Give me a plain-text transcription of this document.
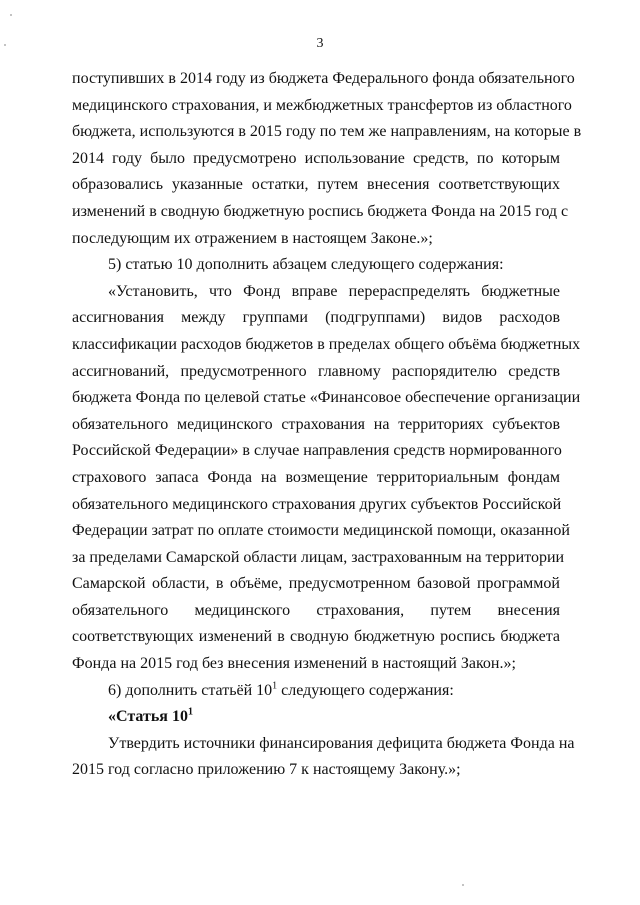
3
поступивших в 2014 году из бюджета Федерального фонда обязательного
медицинского страхования, и межбюджетных трансфертов из областного
бюджета, используются в 2015 году по тем же направлениям, на которые в
2014 году было предусмотрено использование средств, по которым
образовались указанные остатки, путем внесения соответствующих
изменений в сводную бюджетную роспись бюджета Фонда на 2015 год с
последующим их отражением в настоящем Законе.»;
5) статью 10 дополнить абзацем следующего содержания:
«Установить, что Фонд вправе перераспределять бюджетные
ассигнования между группами (подгруппами) видов расходов
классификации расходов бюджетов в пределах общего объёма бюджетных
ассигнований, предусмотренного главному распорядителю средств
бюджета Фонда по целевой статье «Финансовое обеспечение организации
обязательного медицинского страхования на территориях субъектов
Российской Федерации» в случае направления средств нормированного
страхового запаса Фонда на возмещение территориальным фондам
обязательного медицинского страхования других субъектов Российской
Федерации затрат по оплате стоимости медицинской помощи, оказанной
за пределами Самарской области лицам, застрахованным на территории
Самарской области, в объёме, предусмотренном базовой программой
обязательного медицинского страхования, путем внесения
соответствующих изменений в сводную бюджетную роспись бюджета
Фонда на 2015 год без внесения изменений в настоящий Закон.»;
6) дополнить статьёй $10^1$ следующего содержания:
«Статья $10^1$
Утвердить источники финансирования дефицита бюджета Фонда на
2015 год согласно приложению 7 к настоящему Закону.»;
